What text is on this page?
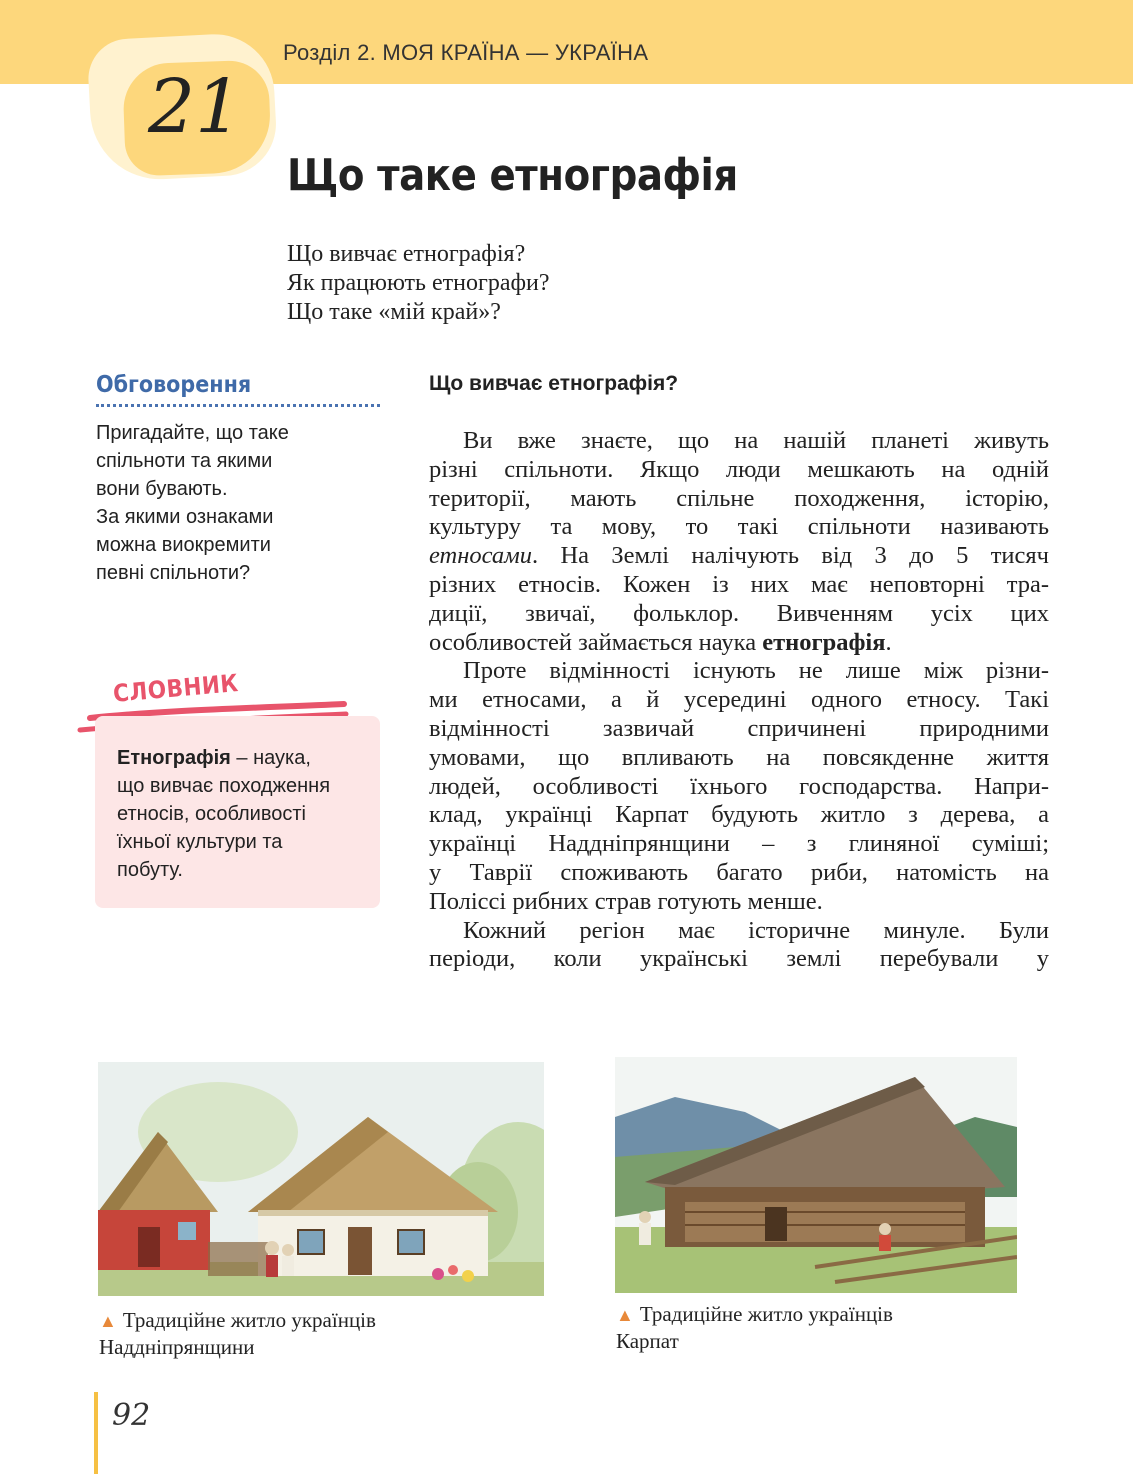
Розділ 2. МОЯ КРАЇНА — УКРАЇНА
21
Що таке етнографія
Що вивчає етнографія?
Як працюють етнографи?
Що таке «мій край»?
Обговорення
Пригадайте, що таке
спільноти та якими
вони бувають.
За якими ознаками
можна виокремити
певні спільноти?
СЛОВНИК
Етнографія – наука,
що вивчає походження
етносів, особливості
їхньої культури та
побуту.
Що вивчає етнографія?
Ви вже знаєте, що на нашій планеті живуть
різні спільноти. Якщо люди мешкають на одній
території, мають спільне походження, історію,
культуру та мову, то такі спільноти називають
етносами. На Землі налічують від 3 до 5 тисяч
різних етносів. Кожен із них має неповторні тра-
диції, звичаї, фольклор. Вивченням усіх цих
особливостей займається наука етнографія.
Проте відмінності існують не лише між різни-
ми етносами, а й усередині одного етносу. Такі
відмінності зазвичай спричинені природними
умовами, що впливають на повсякденне життя
людей, особливості їхнього господарства. Напри-
клад, українці Карпат будують житло з дерева, а
українці Наддніпрянщини – з глиняної суміші;
у Таврії споживають багато риби, натомість на
Поліссі рибних страв готують менше.
Кожний регіон має історичне минуле. Були
періоди, коли українські землі перебували у
▲ Традиційне житло українців
Наддніпрянщини
▲ Традиційне житло українців
Карпат
92
